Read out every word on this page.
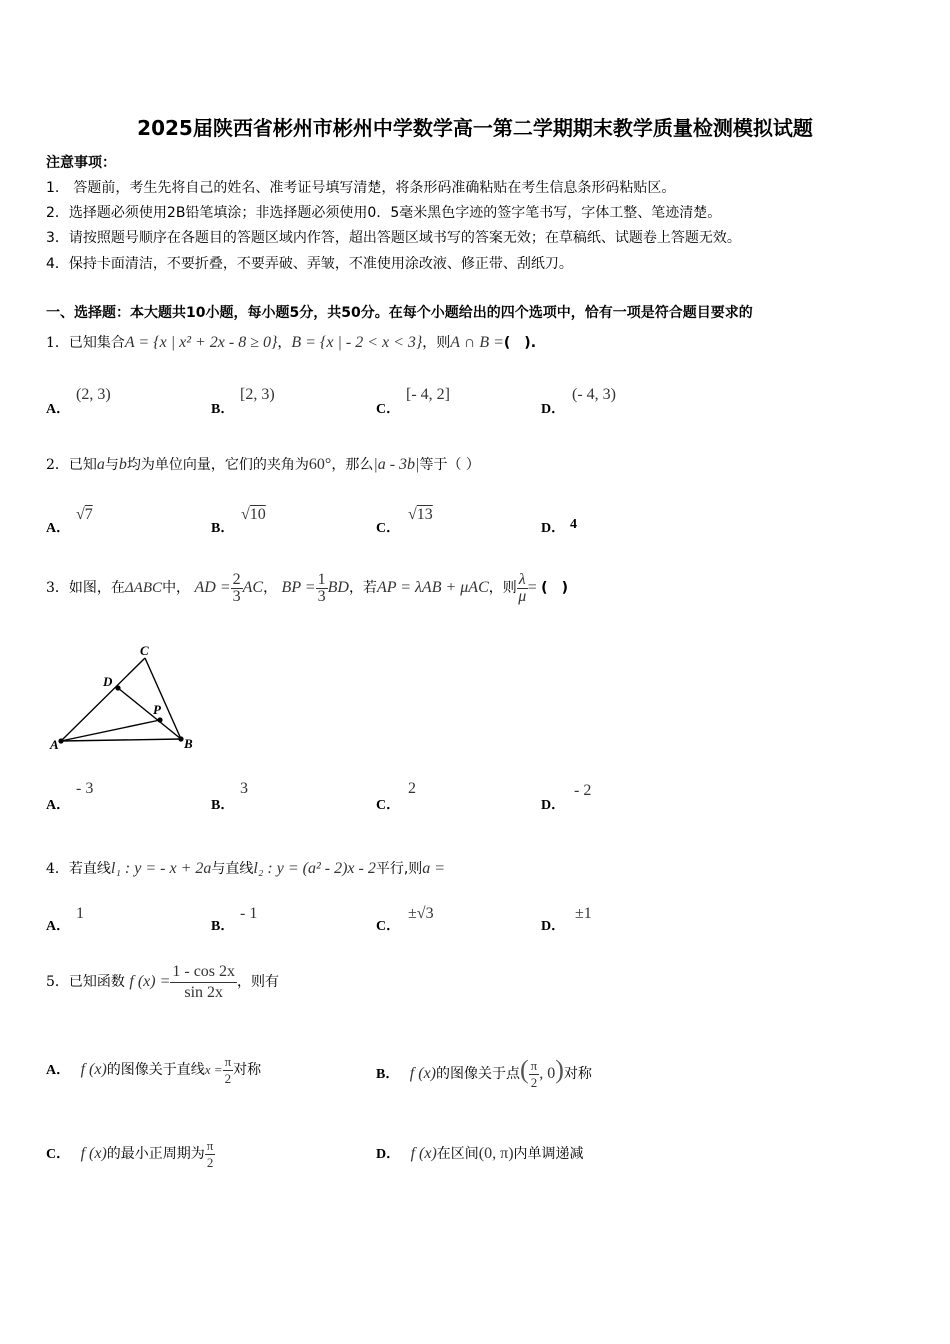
2025届陕西省彬州市彬州中学数学高一第二学期期末教学质量检测模拟试题
注意事项：
1.　答题前，考生先将自己的姓名、准考证号填写清楚，将条形码准确粘贴在考生信息条形码粘贴区。
2．选择题必须使用2B铅笔填涂；非选择题必须使用0．5毫米黑色字迹的签字笔书写，字体工整、笔迹清楚。
3．请按照题号顺序在各题目的答题区域内作答，超出答题区域书写的答案无效；在草稿纸、试题卷上答题无效。
4．保持卡面清洁，不要折叠，不要弄破、弄皱，不准使用涂改液、修正带、刮纸刀。
一、选择题：本大题共10小题，每小题5分，共50分。在每个小题给出的四个选项中，恰有一项是符合题目要求的
1．已知集合A = {x | x² + 2x - 8 ≥ 0}，B = {x | - 2 < x < 3}，则A ∩ B =(　).
A．
(2, 3)
B．
[2, 3)
C．
[- 4, 2]
D．
(- 4, 3)
2．已知a与b均为单位向量，它们的夹角为60°，那么|a - 3b|等于（ ）
A．
√7
B．
√10
C．
√13
D． 4
3．如图，在ΔABC中， AD = $\frac{2}{3}$ AC， BP = $\frac{1}{3}$ BD，若AP = λAB + μAC，则 $\frac{\lambda}{\mu}$ = (　)
C
D
P
A	B
A．
- 3
B．
3
C．
2
D．
- 2
4．若直线l₁ : y = - x + 2a与直线l₂ : y = (a² - 2)x - 2平行,则a =
A．
1
B．
- 1
C．
±√3
D．
±1
5．已知函数 f $(x) = \frac{1 - \cos 2x}{\sin 2x}$ ，则有
A． f (x)的图像关于直线$x = \frac{\pi}{2}$ 对称	B． f (x)的图像关于点( $\frac{\pi}{2}$ , 0)对称
C． f (x)的最小正周期为 $\frac{\pi}{2}$	D． f (x)在区间(0, π)内单调递减
